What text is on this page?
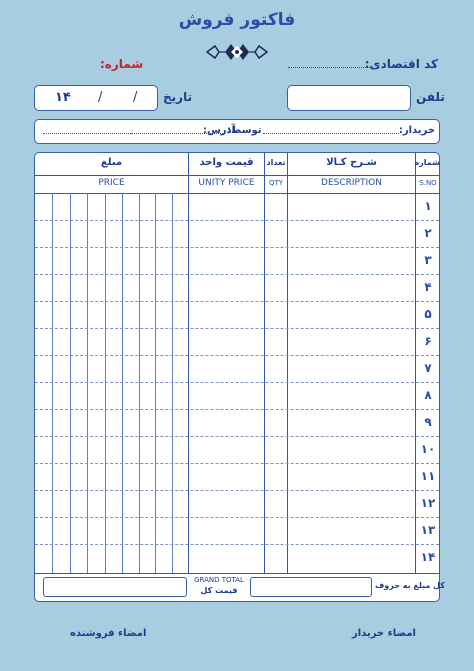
فاکتور فروش
کد اقتصادی:
شماره:
تلفن
۱۴ / / تاریخ
خریدار:
توسط:
آدرس:
شماره
شـرح کـالا
تعداد
قیمت واحد
مبلغ
S.NO
DESCRIPTION
QTY
UNITY PRICE
PRICE
۱
۲
۳
۴
۵
۶
۷
۸
۹
۱۰
۱۱
۱۲
۱۳
۱۴
کل مبلغ به حروف
GRAND TOTAL
قیمت کل
امضاء خریدار
امضاء فروشنده
